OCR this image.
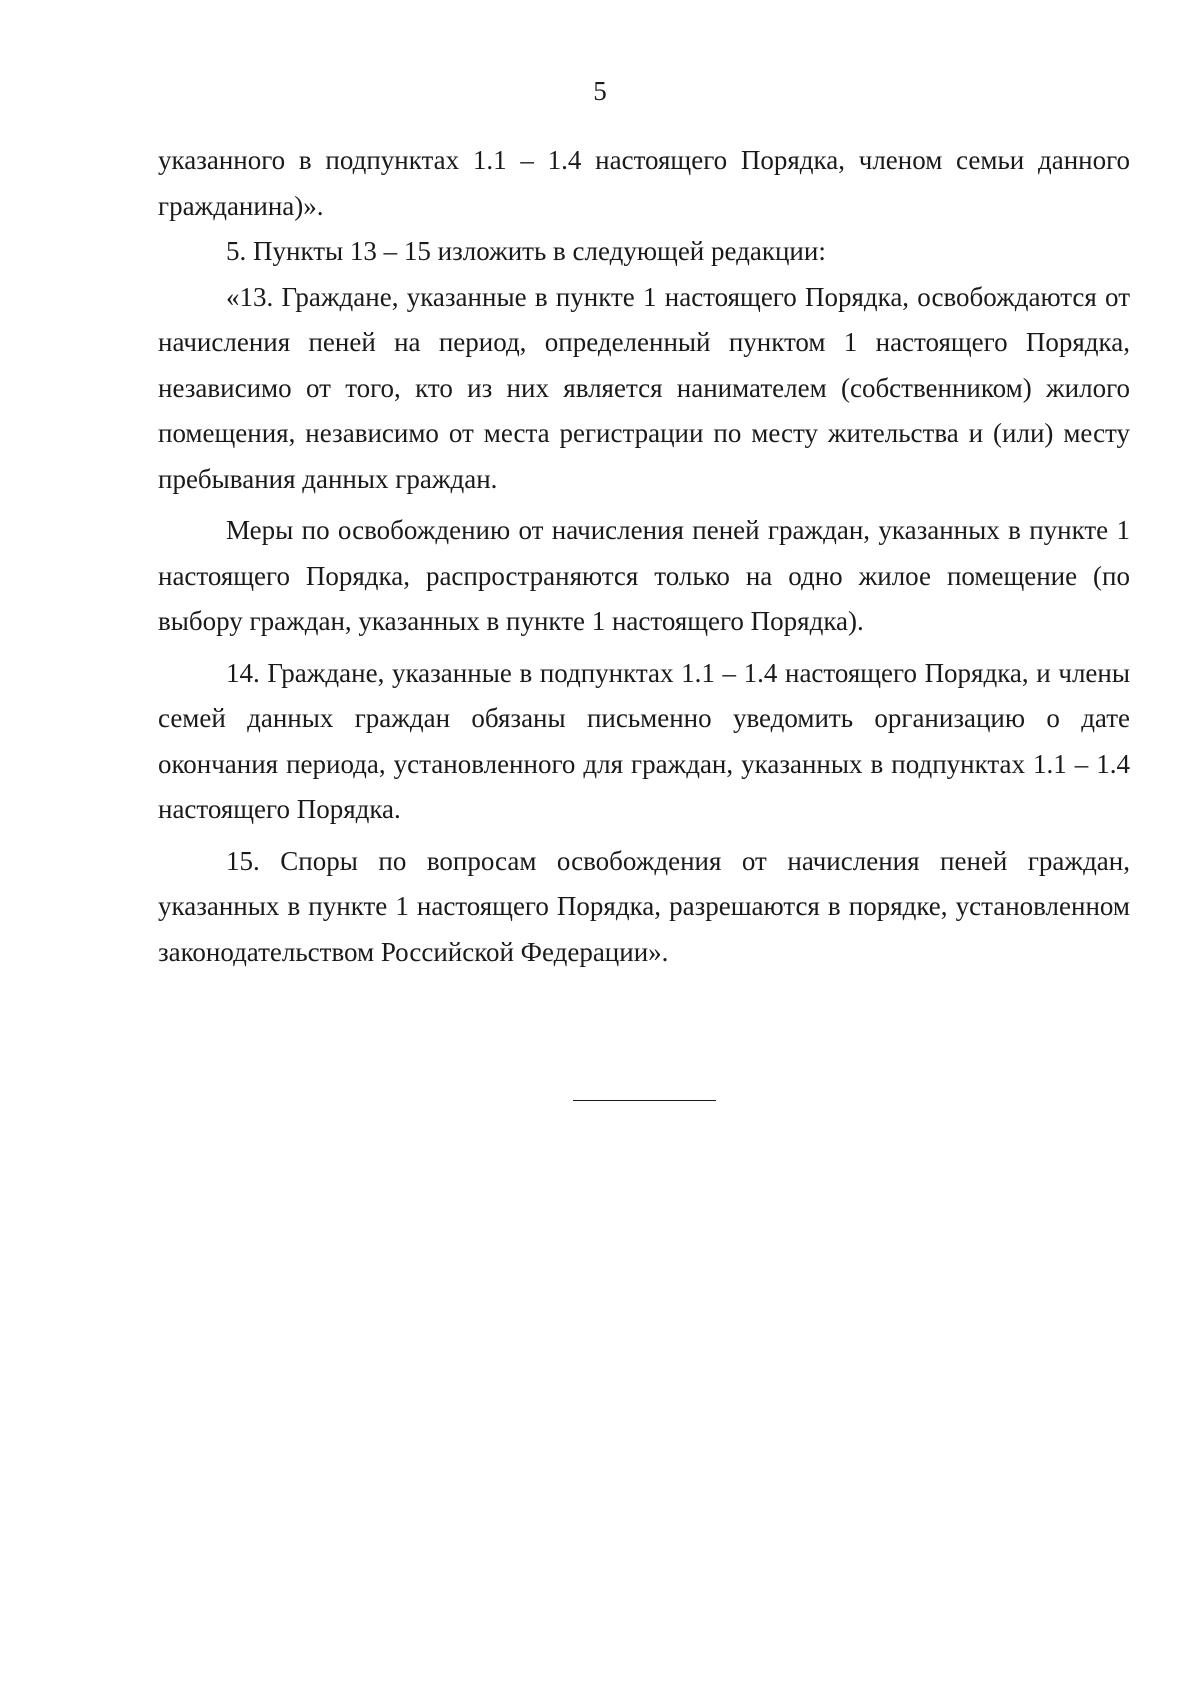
5

указанного в подпунктах 1.1 – 1.4 настоящего Порядка, членом семьи данного гражданина)».

5. Пункты 13 – 15 изложить в следующей редакции:

«13. Граждане, указанные в пункте 1 настоящего Порядка, освобождаются от начисления пеней на период, определенный пунктом 1 настоящего Порядка, независимо от того, кто из них является нанимателем (собственником) жилого помещения, независимо от места регистрации по месту жительства и (или) месту пребывания данных граждан.

Меры по освобождению от начисления пеней граждан, указанных в пункте 1 настоящего Порядка, распространяются только на одно жилое помещение (по выбору граждан, указанных в пункте 1 настоящего Порядка).

14. Граждане, указанные в подпунктах 1.1 – 1.4 настоящего Порядка, и члены семей данных граждан обязаны письменно уведомить организацию о дате окончания периода, установленного для граждан, указанных в подпунктах 1.1 – 1.4 настоящего Порядка.

15. Споры по вопросам освобождения от начисления пеней граждан, указанных в пункте 1 настоящего Порядка, разрешаются в порядке, установленном законодательством Российской Федерации».
